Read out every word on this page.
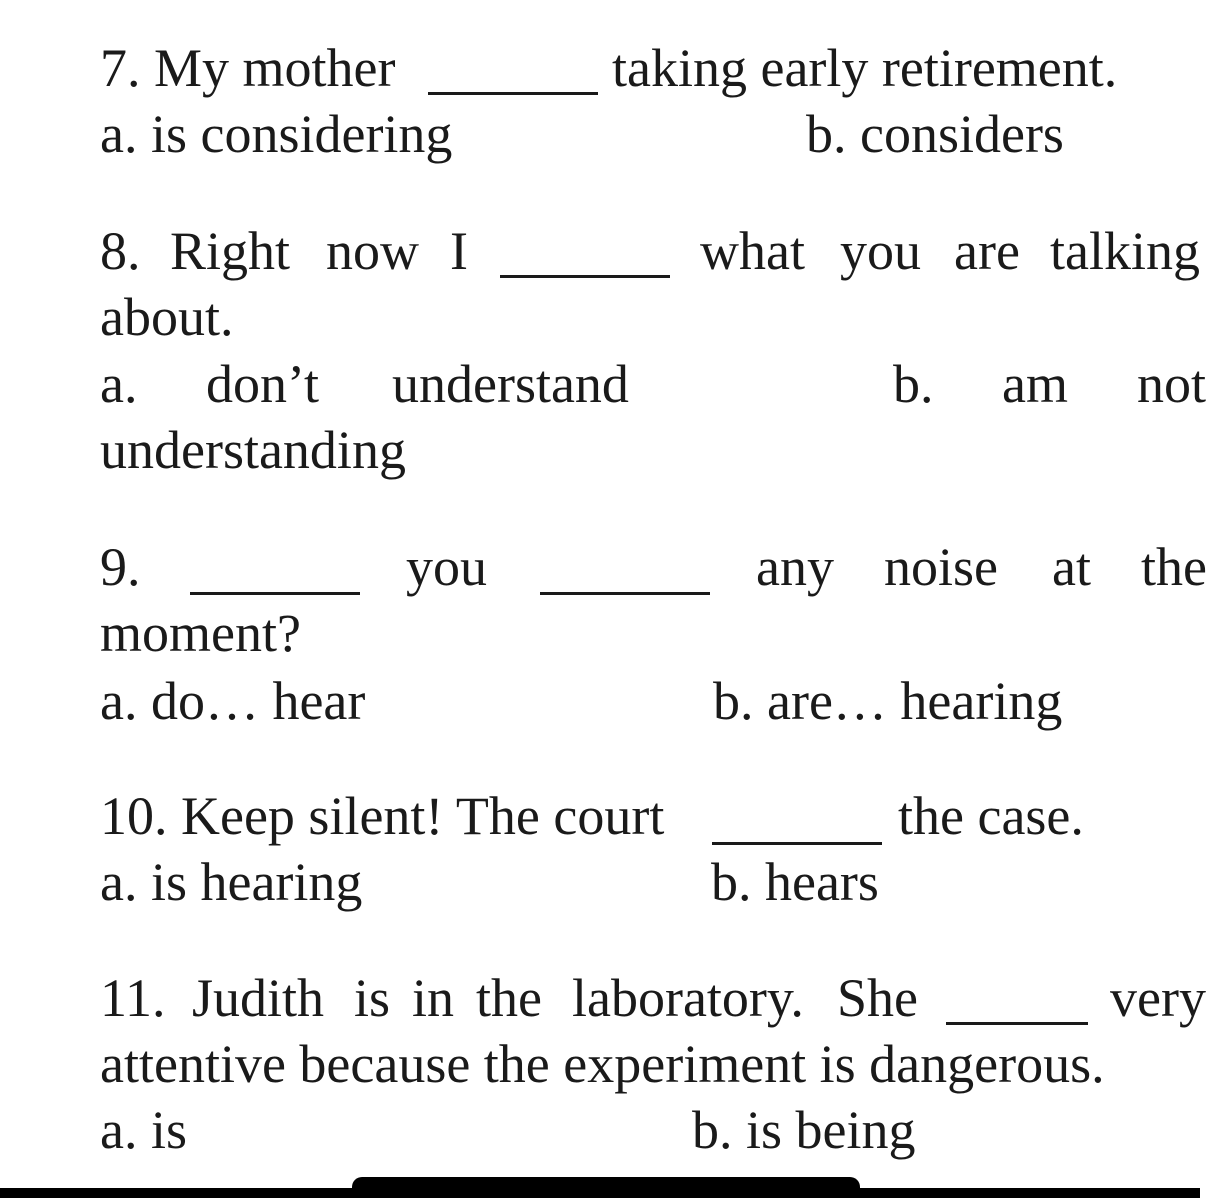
7. My mother	taking early retirement.
a. is considering	b. considers
8. Right now I	what you are talking
about.
a. don’t understand	b. am not
understanding
9.	you	any noise at the
moment?
a. do… hear	b. are… hearing
10. Keep silent! The court	the case.
a. is hearing	b. hears
11. Judith is in the laboratory. She	very
attentive because the experiment is dangerous.
a. is	b. is being
